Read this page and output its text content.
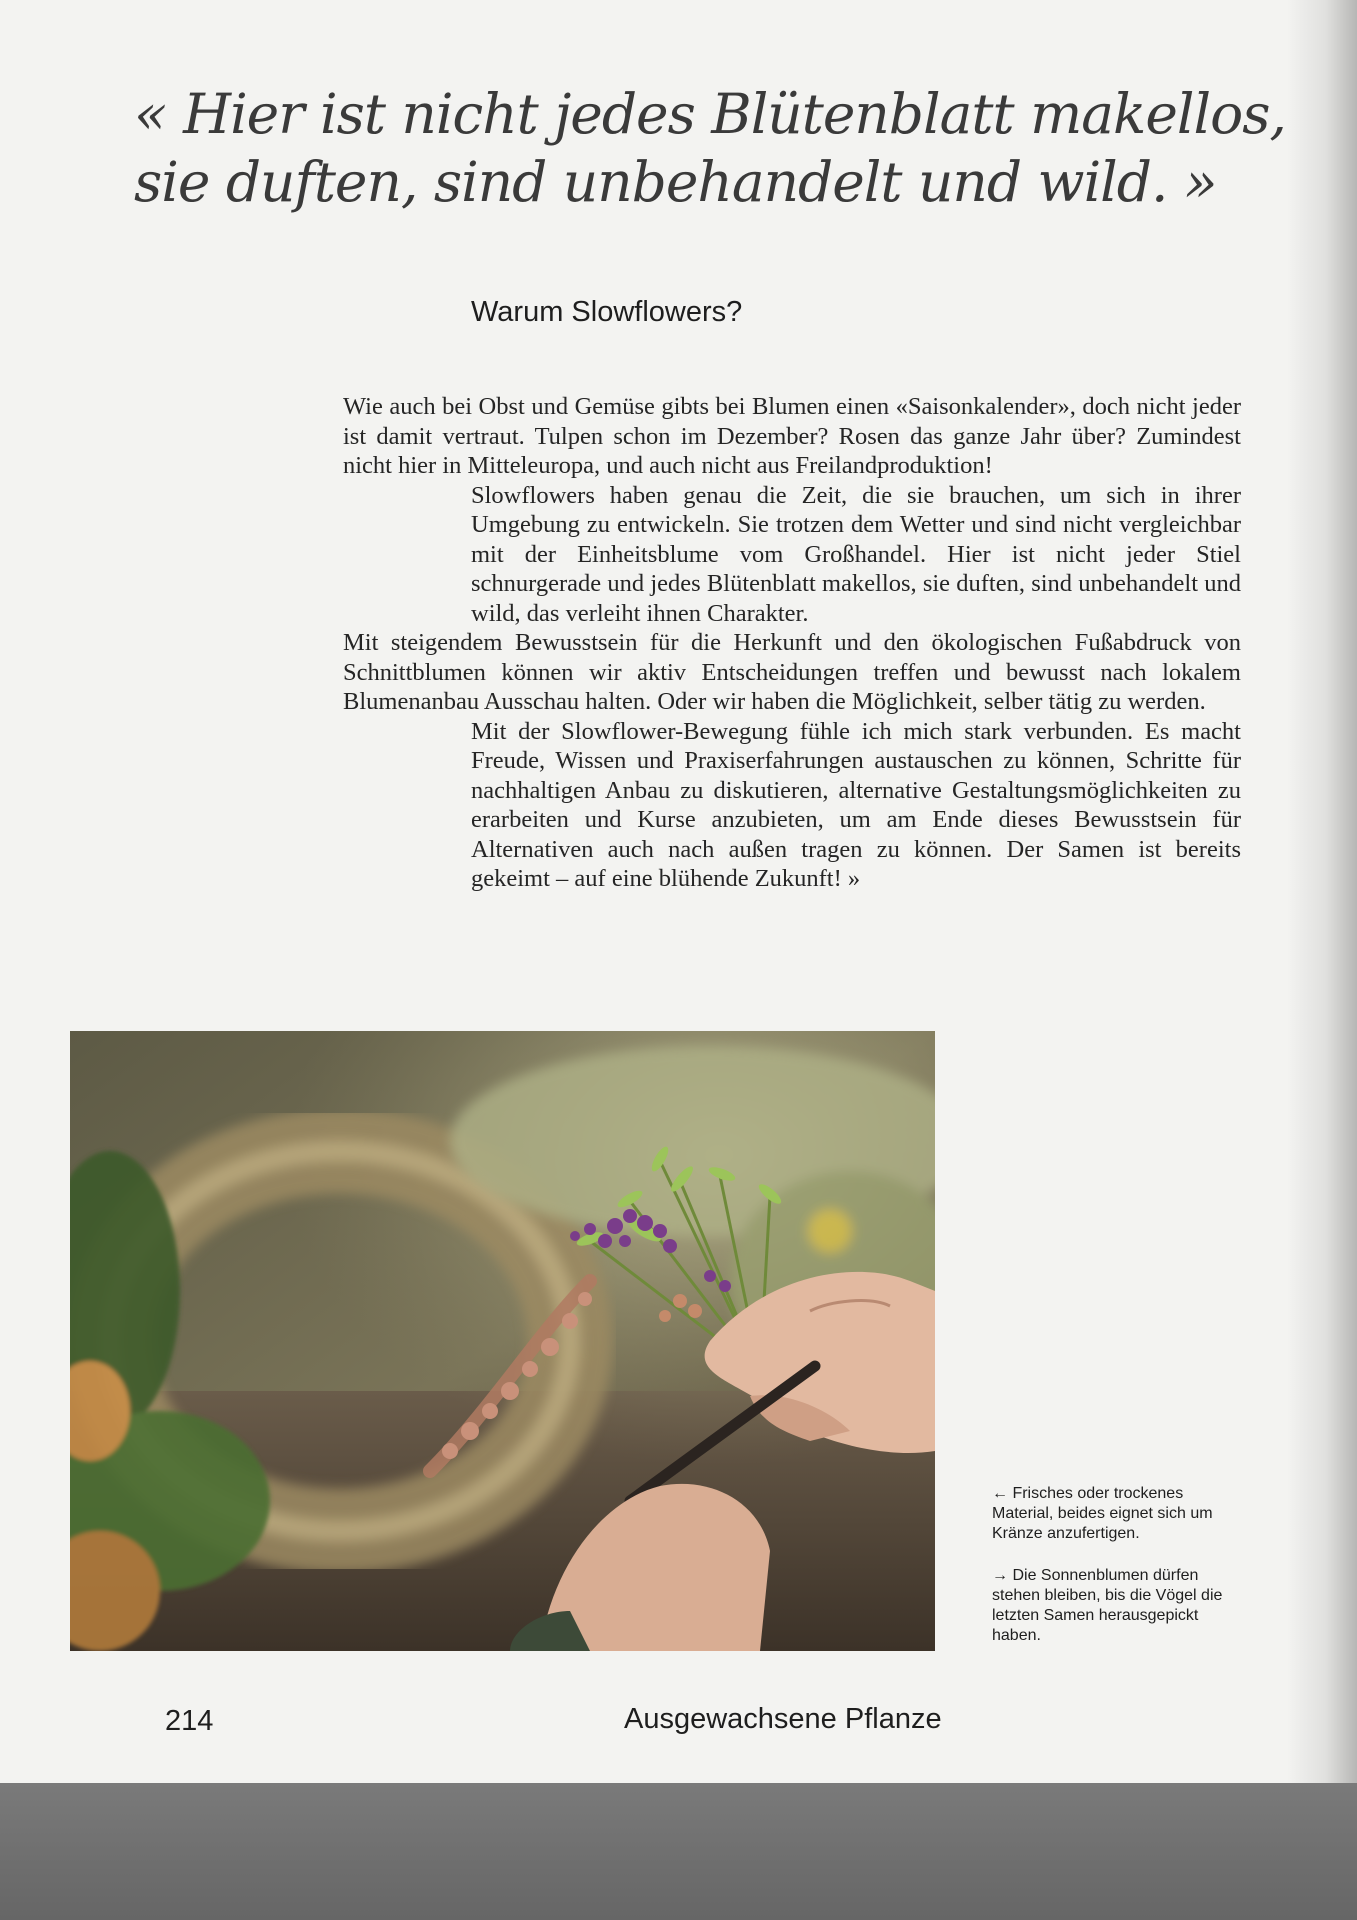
« Hier ist nicht jedes Blütenblatt makellos,
sie duften, sind unbehandelt und wild. »
Warum Slowflowers?

Wie auch bei Obst und Gemüse gibts bei Blumen einen «Saisonkalender», doch nicht jeder ist damit vertraut. Tulpen schon im Dezember? Rosen das ganze Jahr über? Zumindest nicht hier in Mitteleuropa, und auch nicht aus Freilandproduktion!

Slowflowers haben genau die Zeit, die sie brauchen, um sich in ihrer Umgebung zu entwickeln. Sie trotzen dem Wetter und sind nicht vergleichbar mit der Einheitsblume vom Großhandel. Hier ist nicht jeder Stiel schnurgerade und jedes Blütenblatt makellos, sie duften, sind unbehandelt und wild, das verleiht ihnen Charakter.

Mit steigendem Bewusstsein für die Herkunft und den ökologischen Fußabdruck von Schnittblumen können wir aktiv Entscheidungen treffen und bewusst nach lokalem Blumenanbau Ausschau halten. Oder wir haben die Möglichkeit, selber tätig zu werden.

Mit der Slowflower-Bewegung fühle ich mich stark verbunden. Es macht Freude, Wissen und Praxiserfahrungen austauschen zu können, Schritte für nachhaltigen Anbau zu diskutieren, alternative Gestaltungsmöglichkeiten zu erarbeiten und Kurse anzubieten, um am Ende dieses Bewusstsein für Alternativen auch nach außen tragen zu können. Der Samen ist bereits gekeimt – auf eine blühende Zukunft! »

← Frisches oder trockenes Material, beides eignet sich um Kränze anzufertigen.

→ Die Sonnenblumen dürfen stehen bleiben, bis die Vögel die letzten Samen herausgepickt haben.

214	Ausgewachsene Pflanze
